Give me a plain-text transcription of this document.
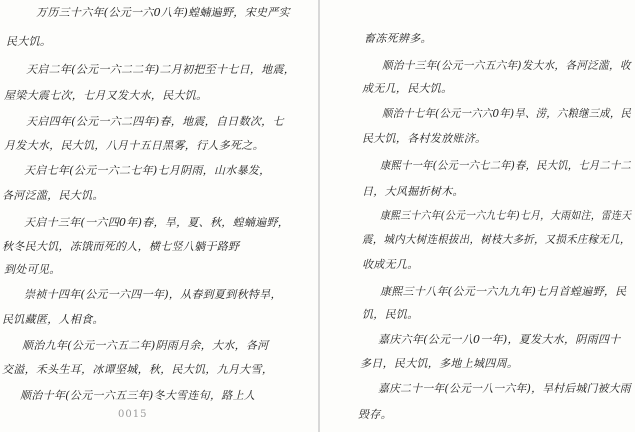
万历三十六年(公元一六0八年)蝗蝻遍野，宋史严实
民大饥。
天启二年(公元一六二二年)二月初把至十七日，地震，
屋梁大震七次，七月又发大水，民大饥。
天启四年(公元一六二四年)春，地震，自日数次，七
月发大水，民大饥，八月十五日黑雾，行人多死之。
天启七年(公元一六二七年)七月阴雨，山水暴发，
各河泛滥，民大饥。
天启十三年(一六四0年)春，旱，夏、秋，蝗蝻遍野，
秋冬民大饥，冻饿而死的人，横七竖八躺于路野
到处可见。
崇祯十四年(公元一六四一年)，从春到夏到秋特旱，
民饥藏匿，人相食。
顺治九年(公元一六五二年)阴雨月余，大水，各河
交溢，禾头生耳，冰谭坚城，秋，民大饥，九月大雪，
顺治十年(公元一六五三年)冬大雪连旬，路上人
0015
畜冻死辨多。
顺治十三年(公元一六五六年)发大水，各河泛滥，收
成无几，民大饥。
顺治十七年(公元一六六0年)旱、涝，六粮继三成，民
民大饥，各村发放账济。
康熙十一年(公元一六七二年)春，民大饥，七月二十二
日，大风掘折树木。
康熙三十六年(公元一六九七年)七月，大雨如注，雷连天
震，城内大树连根拔出，树枝大多折，又损禾庄稼无几，
收成无几。
康熙三十八年(公元一六九九年)七月首蝗遍野，民
饥，民饥。
嘉庆六年(公元一八0一年)，夏发大水，阴雨四十
多日，民大饥，多地上城四周。
嘉庆二十一年(公元一八一六年)，旱村后城门被大雨
毁存。
